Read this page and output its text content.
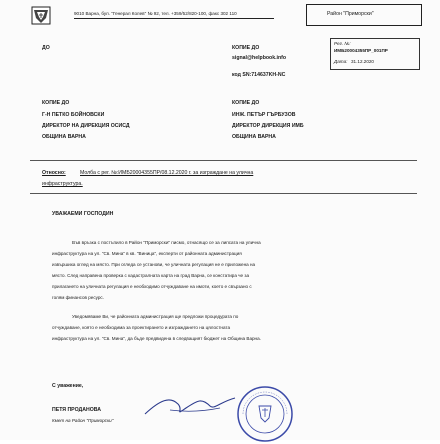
9010 Варна, бул. "Генерал Колев" № 92, тел. +359/52/820-100, факс 302 110	Район "Приморски"
Рег. №:
ИМБ20004355ПР_001ПР
Дата: 31.12.2020
ДО	КОПИЕ ДО
signal@helpbook.info
код SN:714637KH-NC
КОПИЕ ДО
Г-Н ПЕТКО БОЙНОВСКИ
ДИРЕКТОР НА ДИРЕКЦИЯ ОСИСД
ОБЩИНА ВАРНА
КОПИЕ ДО
ИНЖ. ПЕТЪР ГЪРБУЗОВ
ДИРЕКТОР ДИРЕКЦИЯ ИМБ
ОБЩИНА ВАРНА
Относно:	Молба с рег. №:ИМБ20004355ПР/08.12.2020 г. за изграждане на улична
инфраструктура.
УВАЖАЕМИ ГОСПОДИН
Във връзка с постъпило в Район "Приморски" писмо, отнасящо се за липсата на улична
инфраструктура на ул. "Св. Мина" в кв. "Виница", експерти от районната администрация
извършиха оглед на място. При огледа се установи, че уличната регулация не е приложена на
място. След направена проверка с кадастралната карта на град Варна, се констатира че за
прилагането на уличната регулация е необходимо отчуждаване на имоти, което е свързано с
голям финансов ресурс.
Уведомяваме Ви, че районната администрация ще предложи процедурата по
отчуждаване, която е необходима за проектирането и изграждането на цялостната
инфраструктура на ул. "Св. Мина", да бъде предвидена в следващият бюджет на Община Варна.
С уважение,
ПЕТЯ ПРОДАНОВА
Кмет на Район "Приморски"
